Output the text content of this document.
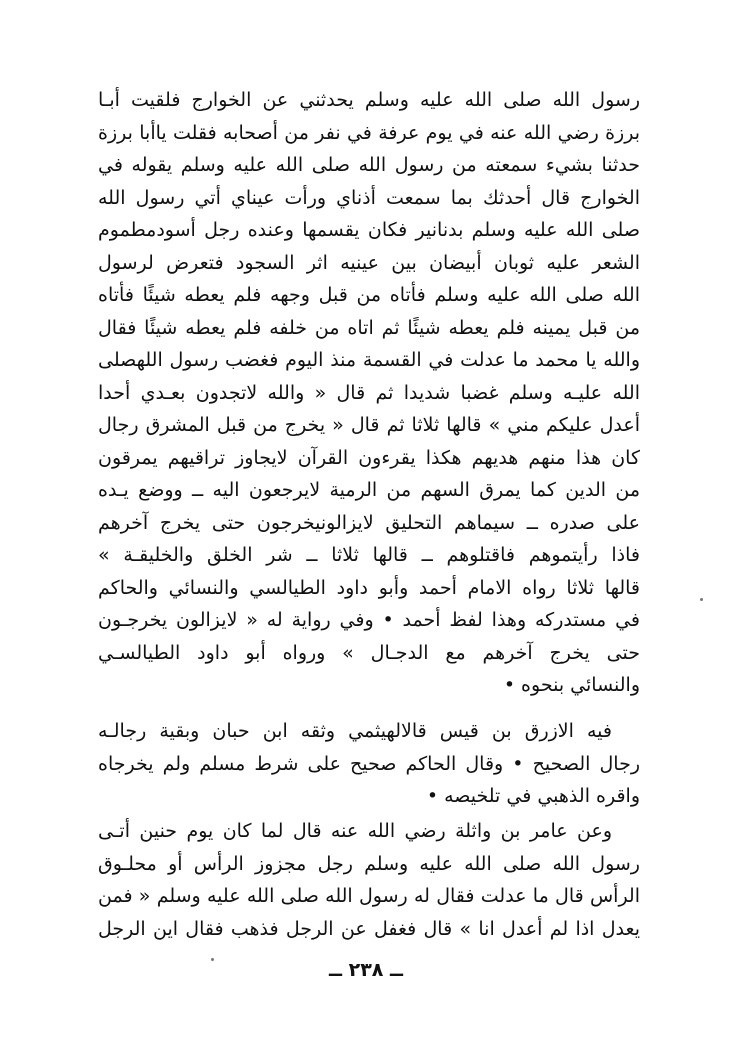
رسول الله صلى الله عليه وسلم يحدثني عن الخوارج فلقيت أبـا
برزة رضي الله عنه في يوم عرفة في نفر من أصحابه فقلت ياأبا برزة
حدثنا بشيء سمعته من رسول الله صلى الله عليه وسلم يقوله في
الخوارج قال أحدثك بما سمعت أذناي ورأت عيناي أتي رسول الله
صلى الله عليه وسلم بدنانير فكان يقسمها وعنده رجل أسودمطموم
الشعر عليه ثوبان أبيضان بين عينيه اثر السجود فتعرض لرسول
الله صلى الله عليه وسلم فأتاه من قبل وجهه فلم يعطه شيئًا فأتاه
من قبل يمينه فلم يعطه شيئًا ثم اتاه من خلفه فلم يعطه شيئًا فقال
والله يا محمد ما عدلت في القسمة منذ اليوم فغضب رسول اللهصلى
الله عليـه وسلم غضبا شديدا ثم قال « والله لاتجدون بعـدي أحدا
أعدل عليكم مني » قالها ثلاثا ثم قال « يخرج من قبل المشرق رجال
كان هذا منهم هديهم هكذا يقرءون القرآن لايجاوز تراقيهم يمرقون
من الدين كما يمرق السهم من الرمية لايرجعون اليه ــ ووضع يـده
على صدره ــ سيماهم التحليق لايزالونيخرجون حتى يخرج آخرهم
فاذا رأيتموهم فاقتلوهم ــ قالها ثلاثا ــ شر الخلق والخليقـة »
قالها ثلاثا رواه الامام أحمد وأبو داود الطيالسي والنسائي والحاكم
في مستدركه وهذا لفظ أحمد • وفي رواية له « لايزالون يخرجـون
حتى يخرج آخرهم مع الدجـال » ورواه أبو داود الطيالسـي
والنسائي بنحوه •
فيه الازرق بن قيس قالالهيثمي وثقه ابن حبان وبقية رجالـه
رجال الصحيح • وقال الحاكم صحيح على شرط مسلم ولم يخرجاه
واقره الذهبي في تلخيصه •
وعن عامر بن واثلة رضي الله عنه قال لما كان يوم حنين أتـى
رسول الله صلى الله عليه وسلم رجل مجزوز الرأس أو محلـوق
الرأس قال ما عدلت فقال له رسول الله صلى الله عليه وسلم « فمن
يعدل اذا لم أعدل انا » قال فغفل عن الرجل فذهب فقال اين الرجل
ــ ٢٣٨ ــ
